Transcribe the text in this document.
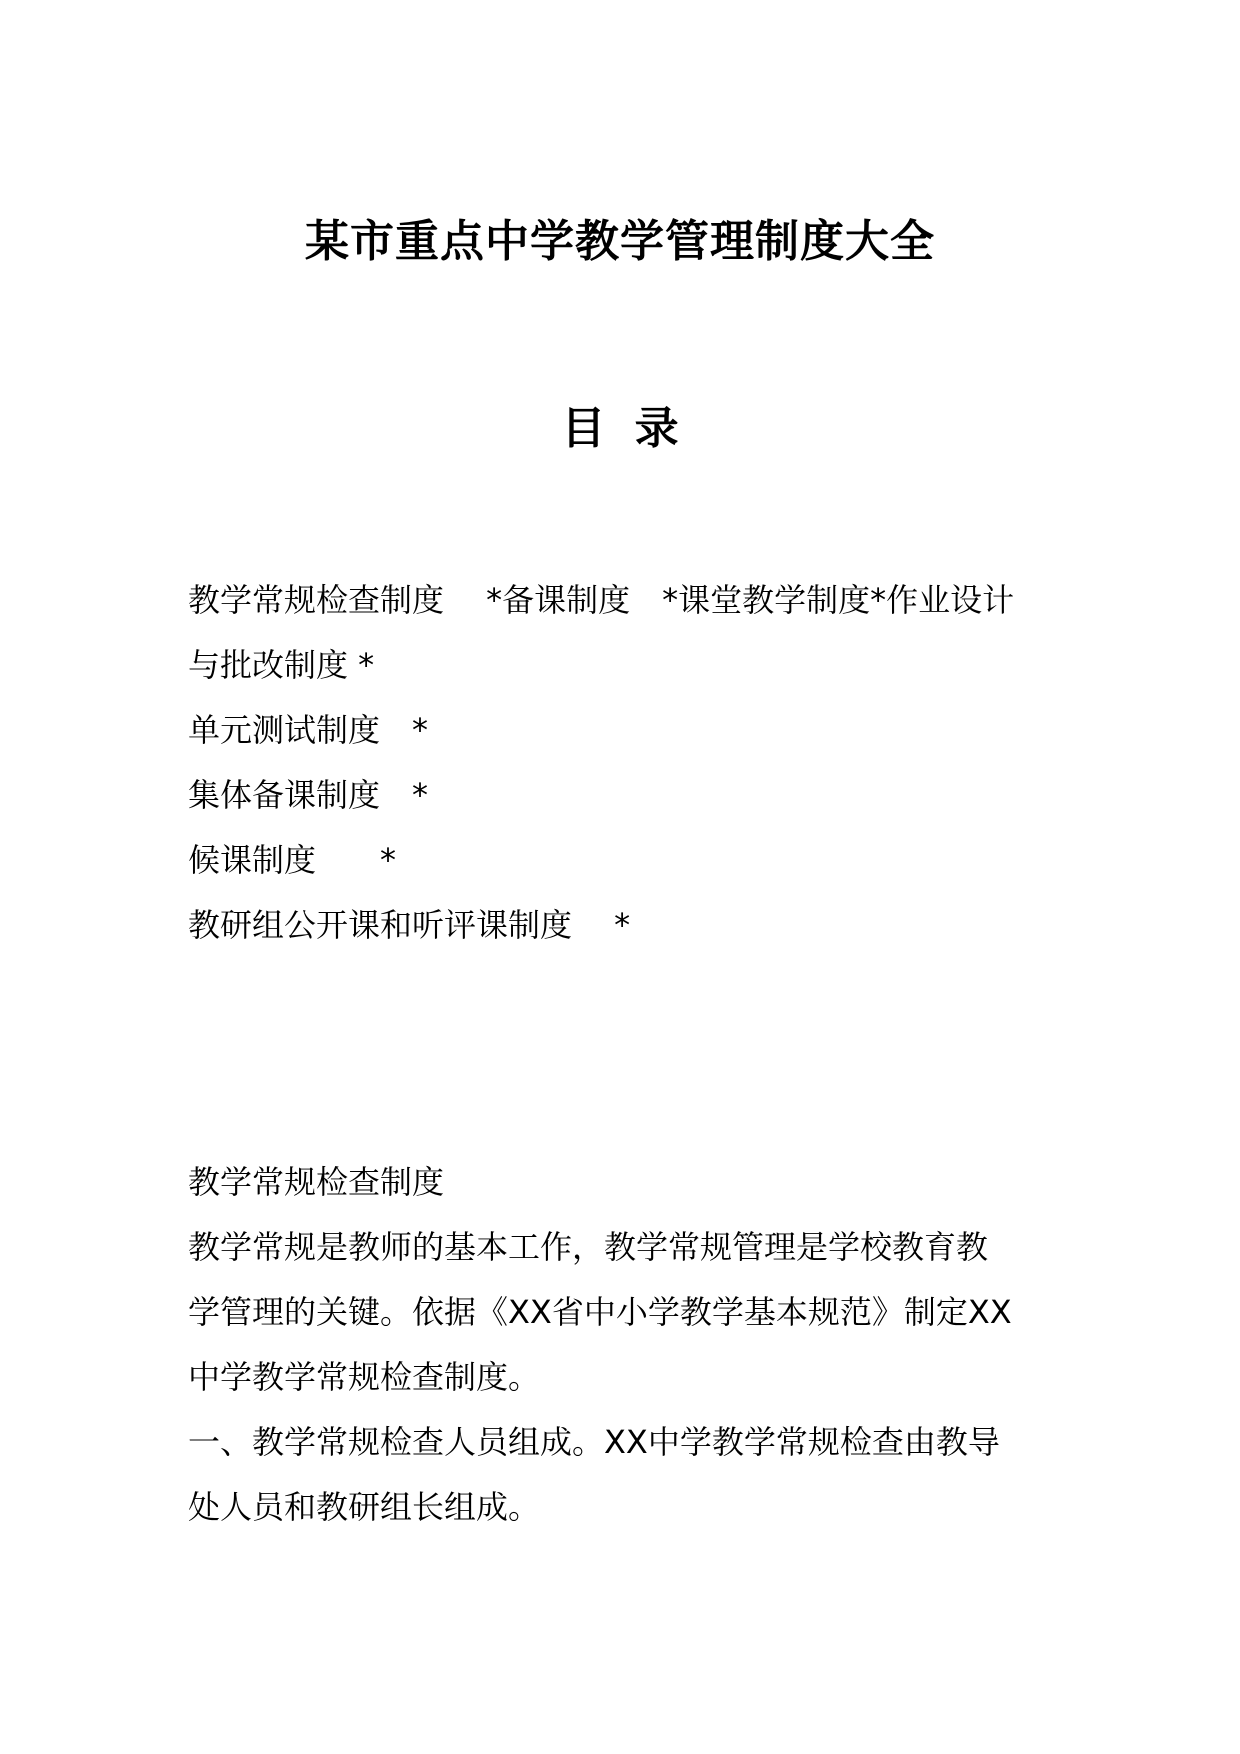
某市重点中学教学管理制度大全
目 录
教学常规检查制度　 *备课制度　*课堂教学制度*作业设计
与批改制度 *
单元测试制度　*
集体备课制度　*
候课制度　　*
教研组公开课和听评课制度　 *
教学常规检查制度
教学常规是教师的基本工作，教学常规管理是学校教育教
学管理的关键。依据《XX省中小学教学基本规范》制定XX
中学教学常规检查制度。
一、教学常规检查人员组成。XX中学教学常规检查由教导
处人员和教研组长组成。
